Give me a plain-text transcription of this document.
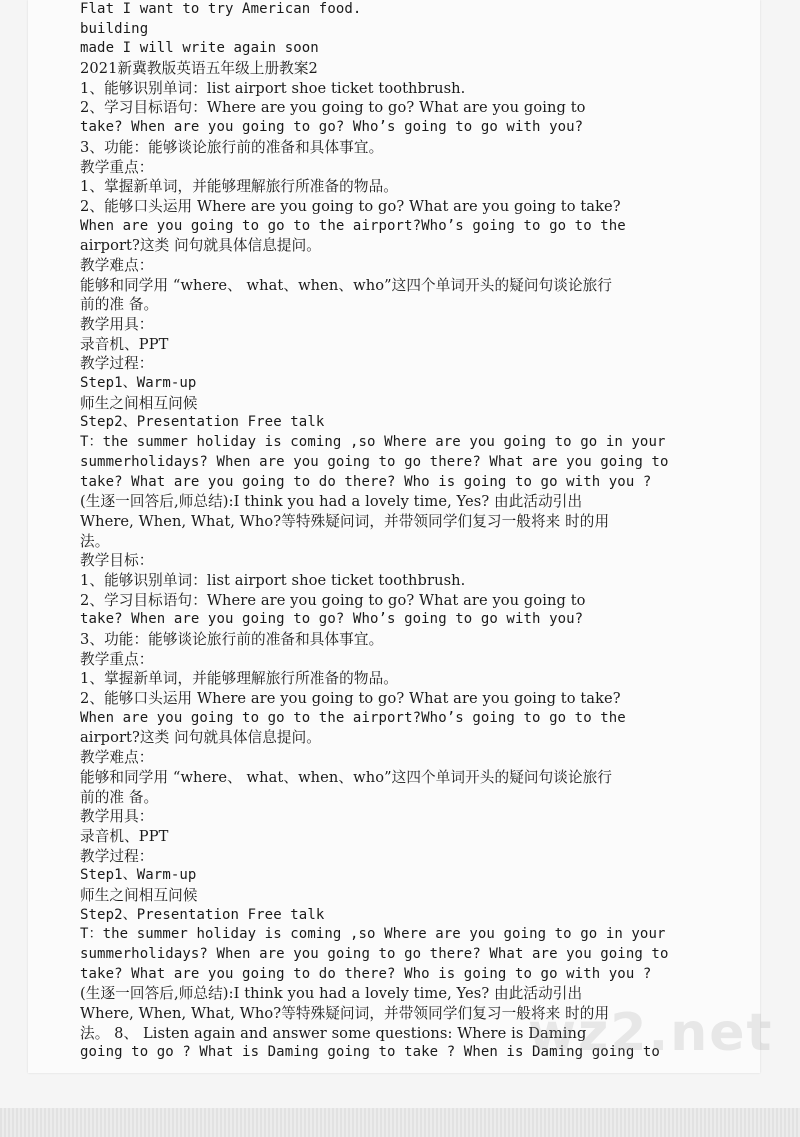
Flat I want to try American food.
building
made I will write again soon
2021新冀教版英语五年级上册教案2
1、能够识别单词：list airport shoe ticket toothbrush.
2、学习目标语句：Where are you going to go? What are you going to
take? When are you going to go? Who’s going to go with you?
3、功能：能够谈论旅行前的准备和具体事宜。
教学重点：
1、掌握新单词，并能够理解旅行所准备的物品。
2、能够口头运用 Where are you going to go? What are you going to take?
When are you going to go to the airport?Who’s going to go to the
airport?这类 问句就具体信息提问。
教学难点：
能够和同学用 “where、 what、when、who”这四个单词开头的疑问句谈论旅行
前的准 备。
教学用具：
录音机、PPT
教学过程：
Step1、Warm-up
师生之间相互问候
Step2、Presentation Free talk
T：the summer holiday is coming ,so Where are you going to go in your
summerholidays? When are you going to go there? What are you going to
take? What are you going to do there? Who is going to go with you ?
(生逐一回答后,师总结):I think you had a lovely time, Yes? 由此活动引出
Where, When, What, Who?等特殊疑问词，并带领同学们复习一般将来 时的用
法。
教学目标：
1、能够识别单词：list airport shoe ticket toothbrush.
2、学习目标语句：Where are you going to go? What are you going to
take? When are you going to go? Who’s going to go with you?
3、功能：能够谈论旅行前的准备和具体事宜。
教学重点：
1、掌握新单词，并能够理解旅行所准备的物品。
2、能够口头运用 Where are you going to go? What are you going to take?
When are you going to go to the airport?Who’s going to go to the
airport?这类 问句就具体信息提问。
教学难点：
能够和同学用 “where、 what、when、who”这四个单词开头的疑问句谈论旅行
前的准 备。
教学用具：
录音机、PPT
教学过程：
Step1、Warm-up
师生之间相互问候
Step2、Presentation Free talk
T：the summer holiday is coming ,so Where are you going to go in your
summerholidays? When are you going to go there? What are you going to
take? What are you going to do there? Who is going to go with you ?
(生逐一回答后,师总结):I think you had a lovely time, Yes? 由此活动引出
Where, When, What, Who?等特殊疑问词，并带领同学们复习一般将来 时的用
法。 8、 Listen again and answer some questions: Where is Daming
going to go ? What is Daming going to take ? When is Daming going to
wz2.net
